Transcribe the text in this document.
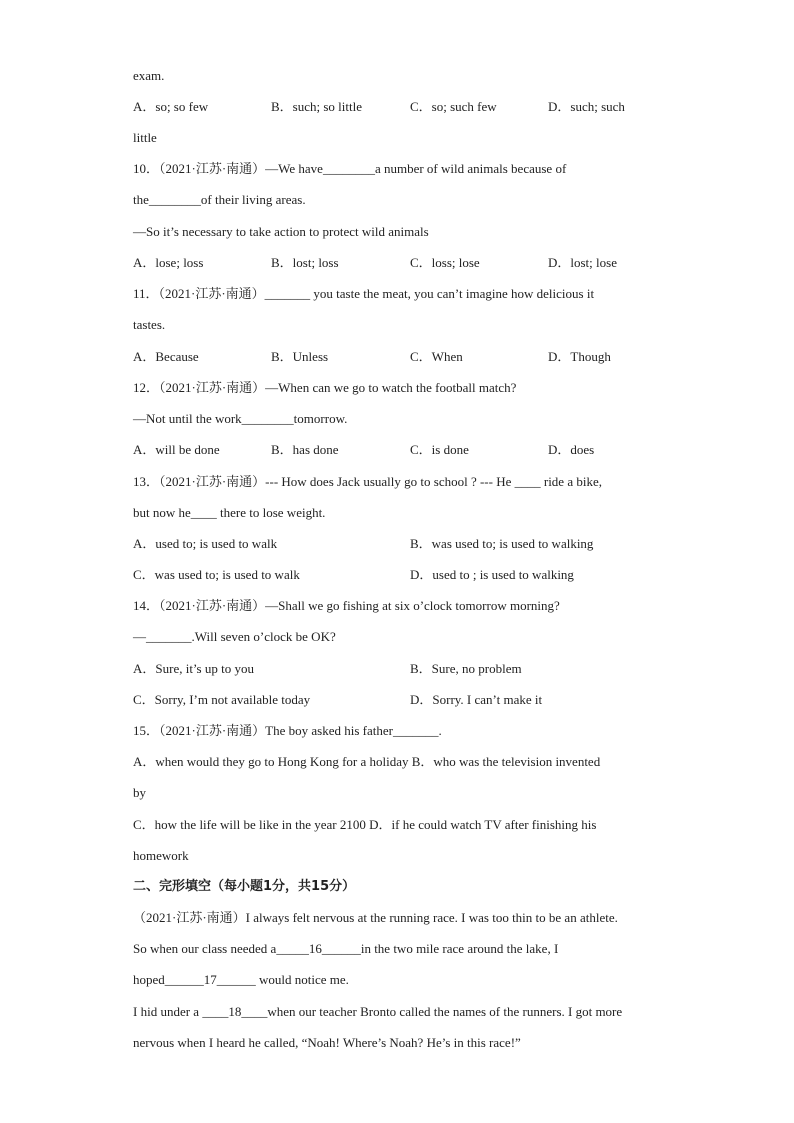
exam.
A．so; so few	B．such; so little	C．so; such few	D．such; such
little
10．（2021·江苏·南通）—We have________a number of wild animals because of
the________of their living areas.
—So it’s necessary to take action to protect wild animals
A．lose; loss	B．lost; loss	C．loss; lose	D．lost; lose
11．（2021·江苏·南通）_______ you taste the meat, you can’t imagine how delicious it
tastes.
A．Because	B．Unless	C．When	D．Though
12．（2021·江苏·南通）—When can we go to watch the football match?
—Not until the work________tomorrow.
A．will be done	B．has done	C．is done	D．does
13．（2021·江苏·南通）--- How does Jack usually go to school ? --- He ____ ride a bike,
but now he____ there to lose weight.
A．used to; is used to walk	B．was used to; is used to walking
C．was used to; is used to walk	D．used to ; is used to walking
14．（2021·江苏·南通）—Shall we go fishing at six o’clock tomorrow morning?
—_______.Will seven o’clock be OK?
A．Sure, it’s up to you	B．Sure, no problem
C．Sorry, I’m not available today	D．Sorry. I can’t make it
15．（2021·江苏·南通）The boy asked his father_______.
A．when would they go to Hong Kong for a holiday B．who was the television invented
by
C．how the life will be like in the year 2100 D．if he could watch TV after finishing his
homework
二、完形填空（每小题1分，共15分）
（2021·江苏·南通）I always felt nervous at the running race. I was too thin to be an athlete.
So when our class needed a_____16______in the two mile race around the lake, I
hoped______17______ would notice me.
I hid under a ____18____when our teacher Bronto called the names of the runners. I got more
nervous when I heard he called, “Noah! Where’s Noah? He’s in this race!”
